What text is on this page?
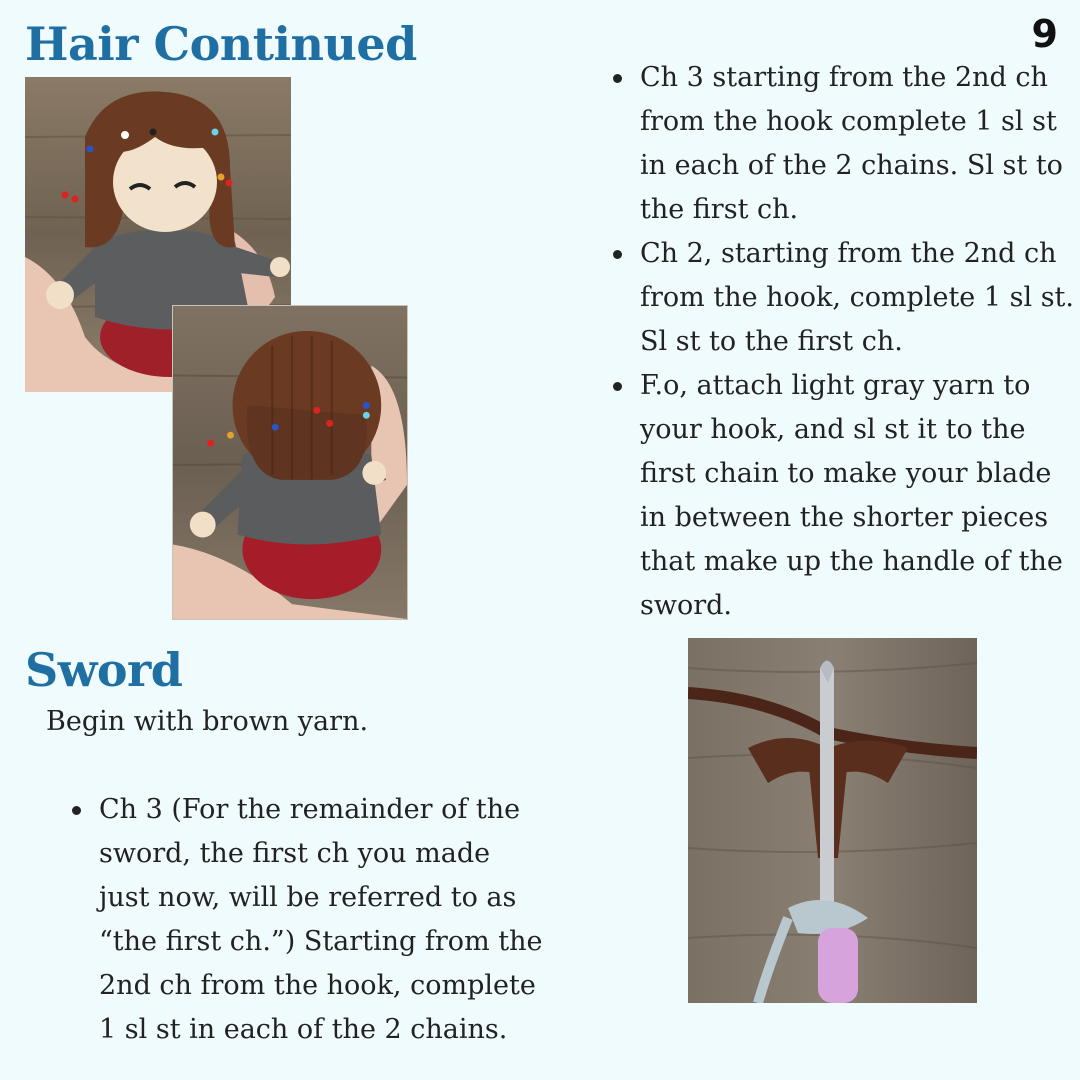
Hair Continued	9
Ch 3 starting from the 2nd ch from the hook complete 1 sl st in each of the 2 chains. Sl st to the first ch.
Ch 2, starting from the 2nd ch from the hook, complete 1 sl st. Sl st to the first ch.
F.o, attach light gray yarn to your hook, and sl st it to the first chain to make your blade in between the shorter pieces that make up the handle of the sword.
Sword

Begin with brown yarn.

Ch 3 (For the remainder of the sword, the first ch you made just now, will be referred to as “the first ch.”) Starting from the 2nd ch from the hook, complete 1 sl st in each of the 2 chains.
